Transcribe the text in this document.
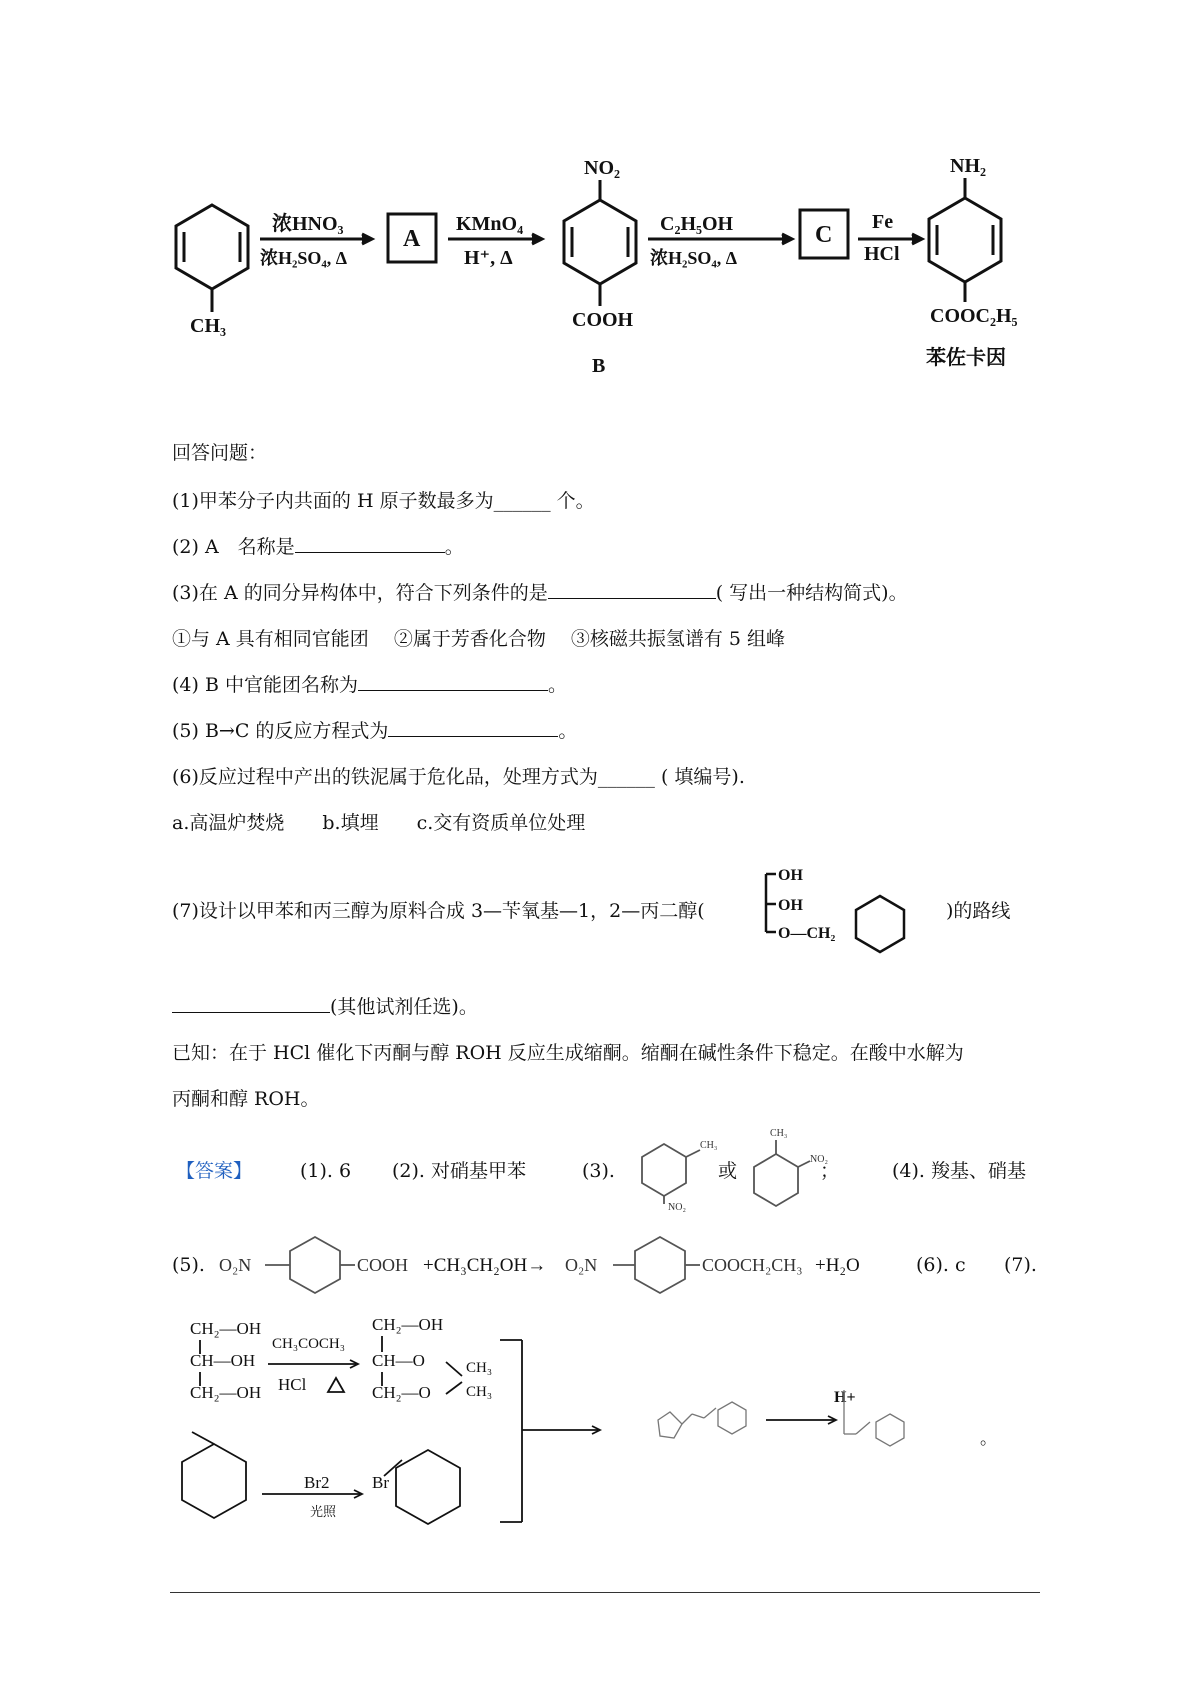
CH₃
浓HNO₃
浓H₂SO₄, Δ
A
KMnO₄
H⁺, Δ
NO₂
COOH
B
C₂H₅OH
浓H₂SO₄, Δ
C Fe
HCl
NH₂
COOC₂H₅
苯佐卡因
回答问题：
(1)甲苯分子内共面的 H 原子数最多为______ 个。
(2) A　名称是	。
(3)在 A 的同分异构体中，符合下列条件的是	( 写出一种结构简式)。
①与 A 具有相同官能团　 ②属于芳香化合物　 ③核磁共振氢谱有 5 组峰
(4) B 中官能团名称为	。
(5) B→C 的反应方程式为	。
(6)反应过程中产出的铁泥属于危化品，处理方式为______ ( 填编号).
a.高温炉焚烧　　b.填埋　　c.交有资质单位处理
(7)设计以甲苯和丙三醇为原料合成 3—苄氧基—1，2—丙二醇(
OH
OH
O—CH₂
)的路线
(其他试剂任选)。
已知：在于 HCl 催化下丙酮与醇 ROH 反应生成缩酮。缩酮在碱性条件下稳定。在酸中水解为
丙酮和醇 ROH。
【答案】	(1). 6 (2). 对硝基甲苯	(3).
CH₃
NO₂
或
CH₃
NO₂
；	(4). 羧基、硝基
(5). O₂N	COOH +CH₃CH₂OH→ O₂N	COOCH₂CH₃ +H₂O	(6). c (7).
CH₂—OH
CH—OH
CH₂—OH
CH₃COCH₃
HCl
CH₂—OH
CH—O
CH₂—O
CH₃
CH₃
Br2
光照
Br
H+
。
